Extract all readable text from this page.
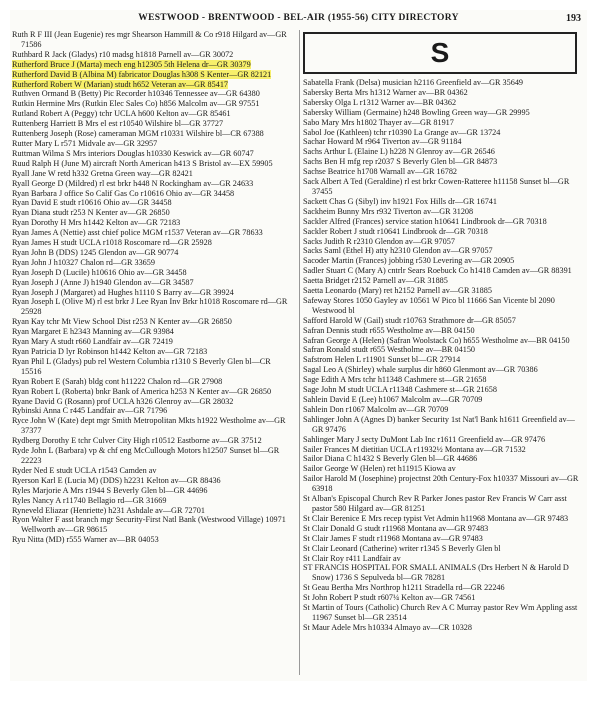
WESTWOOD - BRENTWOOD - BEL-AIR (1955-56) CITY DIRECTORY	193
Ruth R F III (Jean Eugenie) res mgr Shearson Hammill & Co r918 Hilgard av—GR 71586
Ruthbard R Jack (Gladys) r10 madsg h1818 Parnell av—GR 30072
Rutherford Bruce J (Marta) mech eng h12305 5th Helena dr—GR 30379
Rutherford David B (Albina M) fabricator Douglas h308 S Kenter—GR 82121
Rutherford Robert W (Marian) studt h652 Veteran av—GR 85417
Ruthven Ormand B (Betty) Pic Recorder h10346 Tennessee av—GR 64380
Rutkin Hermine Mrs (Rutkin Elec Sales Co) h856 Malcolm av—GR 97551
Rutland Robert A (Peggy) tchr UCLA h600 Kelton av—GR 85461
Ruttenberg Harriett B Mrs el est r10540 Wilshire bl—GR 37727
Ruttenberg Joseph (Rose) cameraman MGM r10331 Wilshire bl—CR 67388
Rutter Mary L r571 Midvale av—GR 32957
Ruttman Wilma S Mrs interiors Douglas h10330 Keswick av—GR 60747
Ruud Ralph H (June M) aircraft North American h413 S Bristol av—EX 59905
Ryall Jane W retd h332 Gretna Green way—GR 82421
Ryall George D (Mildred) rl est brkr h448 N Rockingham av—GR 24633
Ryan Barbara J office So Calif Gas Co r10616 Ohio av—GR 34458
Ryan David E studt r10616 Ohio av—GR 34458
Ryan Diana studt r253 N Kenter av—GR 26850
Ryan Dorothy H Mrs h1442 Kelton av—GR 72183
Ryan James A (Nettie) asst chief police MGM r1537 Veteran av—GR 78633
Ryan James H studt UCLA r1018 Roscomare rd—GR 25928
Ryan John B (DDS) 1245 Glendon av—GR 90774
Ryan John J h10327 Chalon rd—GR 33659
Ryan Joseph D (Lucile) h10616 Ohio av—GR 34458
Ryan Joseph J (Anne J) h1940 Glendon av—GR 34587
Ryan Joseph J (Margaret) ad Hughes h1110 S Barry av—GR 39924
Ryan Joseph L (Olive M) rl est brkr J Lee Ryan Inv Brkr h1018 Roscomare rd—GR 25928
Ryan Kay tchr Mt View School Dist r253 N Kenter av—GR 26850
Ryan Margaret E h2343 Manning av—GR 93984
Ryan Mary A studt r660 Landfair av—GR 72419
Ryan Patricia D lyr Robinson h1442 Kelton av—GR 72183
Ryan Phil L (Gladys) pub rel Western Columbia r1310 S Beverly Glen bl—CR 15516
Ryan Robert E (Sarah) bldg cont h11222 Chalon rd—GR 27908
Ryan Robert L (Roberta) bnkr Bank of America h253 N Kenter av—GR 26850
Ryane David G (Rosann) prof UCLA h326 Glenroy av—GR 28032
Rybinski Anna C r445 Landfair av—GR 71796
Ryce John W (Kate) dept mgr Smith Metropolitan Mkts h1922 Westholme av—GR 37377
Rydberg Dorothy E tchr Culver City High r10512 Eastborne av—GR 37512
Ryde John L (Barbara) vp & chf eng McCullough Motors h12507 Sunset bl—GR 22223
Ryder Ned E studt UCLA r1543 Camden av
Ryerson Karl E (Lucia M) (DDS) h2231 Kelton av—GR 88436
Ryles Marjorie A Mrs r1944 S Beverly Glen bl—GR 44696
Ryles Nancy A r11740 Bellagio rd—GR 31669
Ryneveld Eliazar (Henriette) h231 Ashdale av—GR 72701
Ryon Walter F asst branch mgr Security-First Natl Bank (Westwood Village) 10971 Wellworth av—GR 98615
Ryu Nitta (MD) r555 Warner av—BR 04053
S
Sabatella Frank (Delsa) musician h2116 Greenfield av—GR 35649
Sabersky Berta Mrs h1312 Warner av—BR 04362
Sabersky Olga L r1312 Warner av—BR 04362
Sabersky William (Germaine) h248 Bowling Green way—GR 29995
Sabo Mary Mrs h1802 Thayer av—GR 81917
Sabol Joe (Kathleen) tchr r10390 La Grange av—GR 13724
Sachar Howard M r964 Tiverton av—GR 91184
Sachs Arthur L (Elaine L) h228 N Glenroy av—GR 26546
Sachs Ben H mfg rep r2037 S Beverly Glen bl—GR 84873
Sachse Beatrice h1708 Warnall av—GR 16782
Sack Albert A Ted (Geraldine) rl est brkr Cowen-Ratteree h11158 Sunset bl—GR 37455
Sackett Chas G (Sibyl) inv h1921 Fox Hills dr—GR 16741
Sackheim Bunny Mrs r932 Tiverton av—GR 31208
Sackler Alfred (Frances) service station h10641 Lindbrook dr—GR 70318
Sackler Robert J studt r10641 Lindbrook dr—GR 70318
Sacks Judith R r2310 Glendon av—GR 97057
Sacks Saml (Ethel H) atty h2310 Glendon av—GR 97057
Sacoder Martin (Frances) jobbing r530 Levering av—GR 20905
Sadler Stuart C (Mary A) cntrlr Sears Roebuck Co h1418 Camden av—GR 88391
Saetta Bridget r2152 Parnell av—GR 31885
Saetta Leonardo (Mary) ret h2152 Parnell av—GR 31885
Safeway Stores 1050 Gayley av 10561 W Pico bl 11666 San Vicente bl 2090 Westwood bl
Safford Harold W (Gail) studt r10763 Strathmore dr—GR 85057
Safran Dennis studt r655 Westholme av—BR 04150
Safran George A (Helen) (Safran Woolstack Co) h655 Westholme av—BR 04150
Safran Ronald studt r655 Westholme av—BR 04150
Safstrom Helen L r11901 Sunset bl—GR 27914
Sagal Leo A (Shirley) whale surplus dir h860 Glenmont av—GR 70386
Sage Edith A Mrs tchr h11348 Cashmere st—GR 21658
Sage John M studt UCLA r11348 Cashmere st—GR 21658
Sahlein David E (Lee) h1067 Malcolm av—GR 70709
Sahlein Don r1067 Malcolm av—GR 70709
Sahlinger John A (Agnes D) banker Security 1st Nat'l Bank h1611 Greenfield av—GR 97476
Sahlinger Mary J secty DuMont Lab Inc r1611 Greenfield av—GR 97476
Sailer Frances M dietitian UCLA r11932½ Montana av—GR 71532
Sailor Diana C h1432 S Beverly Glen bl—GR 44686
Sailor George W (Helen) ret h11915 Kiowa av
Sailor Harold M (Josephine) projectnst 20th Century-Fox h10337 Missouri av—GR 63918
St Alban's Episcopal Church Rev R Parker Jones pastor Rev Francis W Carr asst pastor 580 Hilgard av—GR 81251
St Clair Berenice E Mrs recep typist Vet Admin h11968 Montana av—GR 97483
St Clair Donald G studt r11968 Montana av—GR 97483
St Clair James F studt r11968 Montana av—GR 97483
St Clair Leonard (Catherine) writer r1345 S Beverly Glen bl
St Clair Roy r411 Landfair av
ST FRANCIS HOSPITAL FOR SMALL ANIMALS (Drs Herbert N & Harold D Snow) 1736 S Sepulveda bl—GR 78281
St Geau Bertha Mrs Northrop h1211 Stradella rd—GR 22246
St John Robert P studt r607¼ Kelton av—GR 74561
St Martin of Tours (Catholic) Church Rev A C Murray pastor Rev Wm Appling asst 11967 Sunset bl—GR 23514
St Maur Adele Mrs h10334 Almayo av—CR 10328
